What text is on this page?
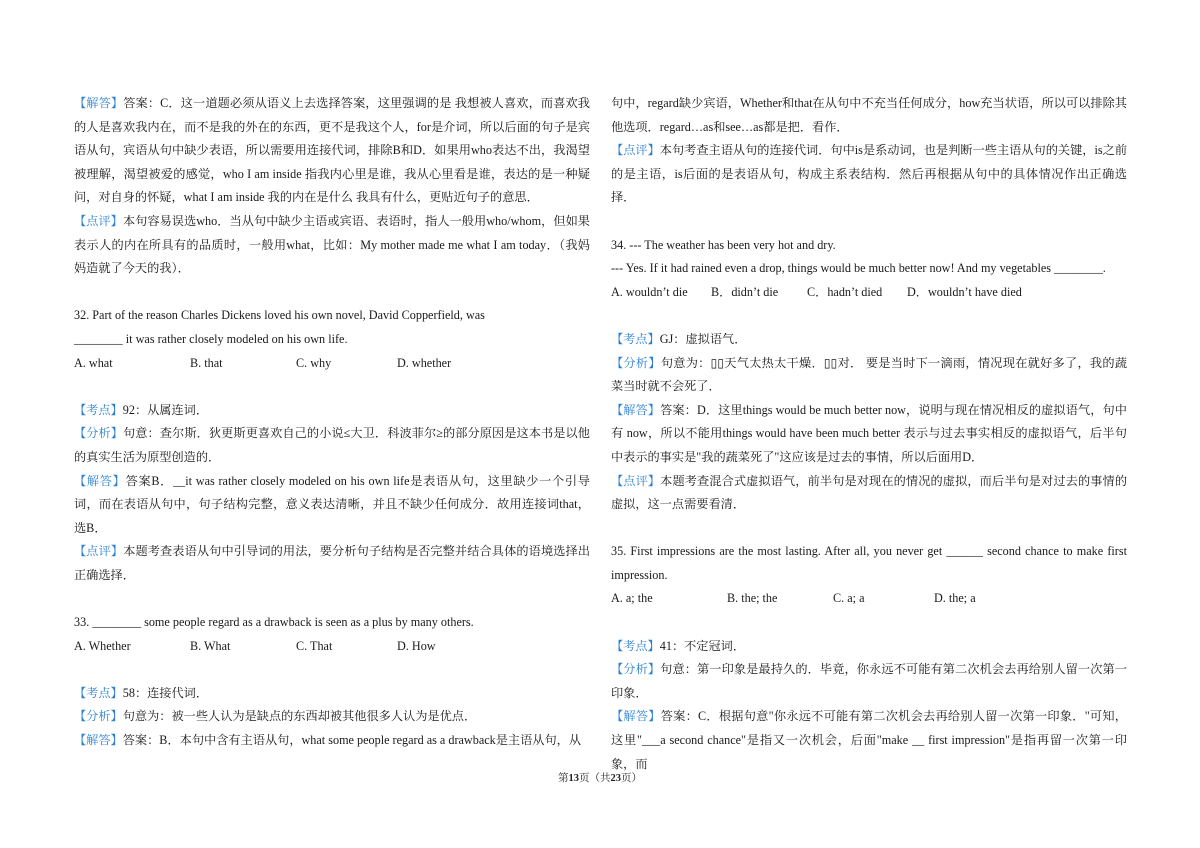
【解答】答案：C．这一道题必须从语义上去选择答案，这里强调的是 我想被人喜欢，而喜欢我的人是喜欢我内在，而不是我的外在的东西，更不是我这个人，for是介词，所以后面的句子是宾语从句，宾语从句中缺少表语，所以需要用连接代词，排除B和D．如果用who表达不出，我渴望被理解，渴望被爱的感觉，who I am inside 指我内心里是谁，我从心里看是谁，表达的是一种疑问，对自身的怀疑，what I am inside 我的内在是什么 我具有什么，更贴近句子的意思．

【点评】本句容易误选who．当从句中缺少主语或宾语、表语时，指人一般用who/whom，但如果表示人的内在所具有的品质时，一般用what，比如：My mother made me what I am today．（我妈妈造就了今天的我）．

32. Part of the reason Charles Dickens loved his own novel, David Copperfield, was
________ it was rather closely modeled on his own life.

A. what	B. that	C. why	D. whether

【考点】92：从属连词．

【分析】句意：查尔斯．狄更斯更喜欢自己的小说≤大卫．科波菲尔≥的部分原因是这本书是以他的真实生活为原型创造的．

【解答】答案B．__it was rather closely modeled on his own life是表语从句，这里缺少一个引导词，而在表语从句中，句子结构完整，意义表达清晰，并且不缺少任何成分．故用连接词that，选B．

【点评】本题考查表语从句中引导词的用法，要分析句子结构是否完整并结合具体的语境选择出正确选择．

33. ________ some people regard as a drawback is seen as a plus by many others.

A. Whether	B. What	C. That	D. How

【考点】58：连接代词．

【分析】句意为：被一些人认为是缺点的东西却被其他很多人认为是优点．

【解答】答案：B．本句中含有主语从句，what some people regard as a drawback是主语从句，从

句中，regard缺少宾语，Whether和that在从句中不充当任何成分，how充当状语，所以可以排除其他选项．regard…as和see…as都是把．看作．

【点评】本句考查主语从句的连接代词．句中is是系动词，也是判断一些主语从句的关键，is之前的是主语，is后面的是表语从句，构成主系表结构．然后再根据从句中的具体情况作出正确选择．

34. --- The weather has been very hot and dry.

--- Yes. If it had rained even a drop, things would be much better now! And my vegetables ________.

A. wouldn’t die	B．didn’t die	C．hadn’t died	D．wouldn’t have died

【考点】GJ：虚拟语气．

【分析】句意为：▯▯天气太热太干燥．▯▯对． 要是当时下一滴雨，情况现在就好多了，我的蔬菜当时就不会死了．

【解答】答案：D．这里things would be much better now，说明与现在情况相反的虚拟语气，句中有 now，所以不能用things would have been much better 表示与过去事实相反的虚拟语气，后半句中表示的事实是"我的蔬菜死了"这应该是过去的事情，所以后面用D．

【点评】本题考查混合式虚拟语气，前半句是对现在的情况的虚拟，而后半句是对过去的事情的虚拟，这一点需要看清．

35. First impressions are the most lasting. After all, you never get ______ second chance to make first impression.

A. a; the	B. the; the	C. a; a	D. the; a

【考点】41：不定冠词．

【分析】句意：第一印象是最持久的．毕竟，你永远不可能有第二次机会去再给别人留一次第一印象．

【解答】答案：C．根据句意"你永远不可能有第二次机会去再给别人留一次第一印象．"可知，这里"___a second chance"是指又一次机会，后面"make __ first impression"是指再留一次第一印象，而

第13页（共23页）
